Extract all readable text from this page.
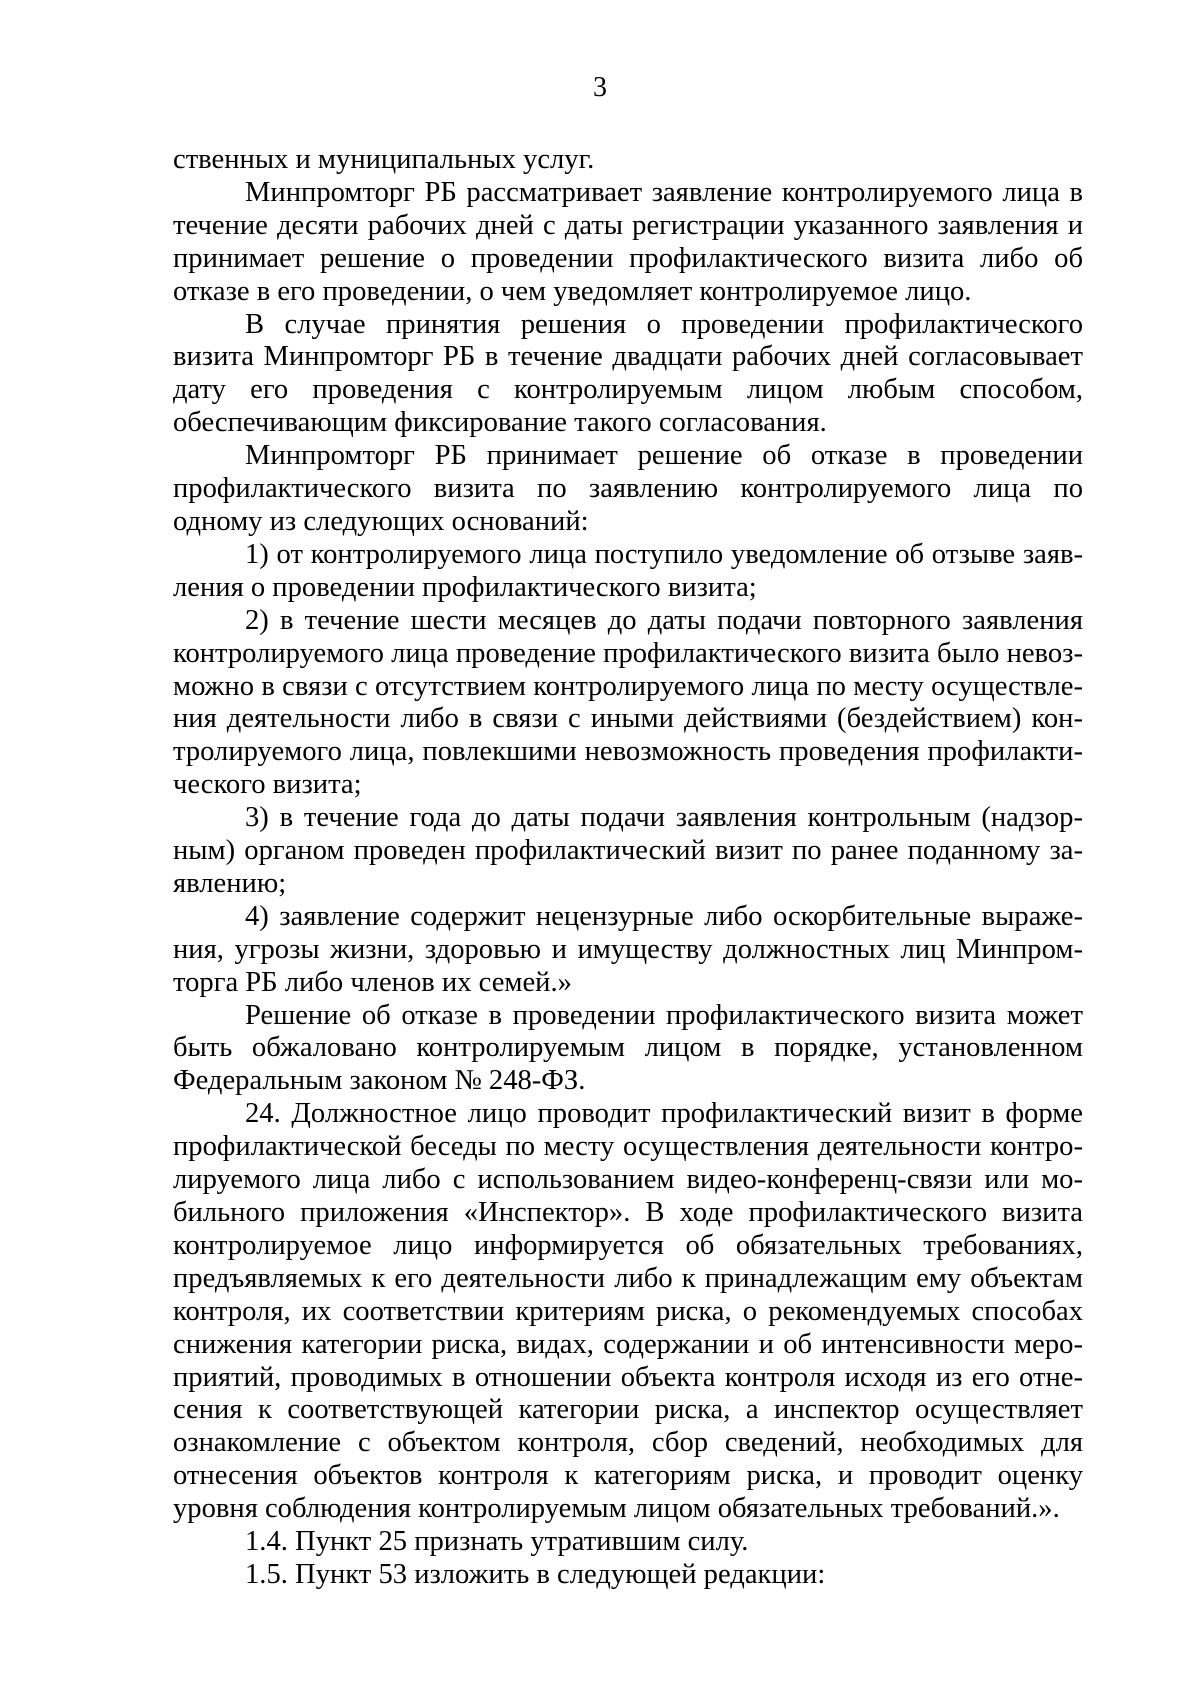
3

ственных и муниципальных услуг.

Минпромторг РБ рассматривает заявление контролируемого лица в течение десяти рабочих дней с даты регистрации указанного заявления и принимает решение о проведении профилактического визита либо об отказе в его проведении, о чем уведомляет контролируемое лицо.

В случае принятия решения о проведении профилактического визита Минпромторг РБ в течение двадцати рабочих дней согласовывает дату его проведения с контролируемым лицом любым способом, обеспечивающим фиксирование такого согласования.

Минпромторг РБ принимает решение об отказе в проведении профилактического визита по заявлению контролируемого лица по одному из следующих оснований:

1) от контролируемого лица поступило уведомление об отзыве заявления о проведении профилактического визита;

2) в течение шести месяцев до даты подачи повторного заявления контролируемого лица проведение профилактического визита было невозможно в связи с отсутствием контролируемого лица по месту осуществления деятельности либо в связи с иными действиями (бездействием) контролируемого лица, повлекшими невозможность проведения профилактического визита;

3) в течение года до даты подачи заявления контрольным (надзорным) органом проведен профилактический визит по ранее поданному заявлению;

4) заявление содержит нецензурные либо оскорбительные выражения, угрозы жизни, здоровью и имуществу должностных лиц Минпромторга РБ либо членов их семей.»

Решение об отказе в проведении профилактического визита может быть обжаловано контролируемым лицом в порядке, установленном Федеральным законом № 248-ФЗ.

24. Должностное лицо проводит профилактический визит в форме профилактической беседы по месту осуществления деятельности контролируемого лица либо с использованием видео-конференц-связи или мобильного приложения «Инспектор». В ходе профилактического визита контролируемое лицо информируется об обязательных требованиях, предъявляемых к его деятельности либо к принадлежащим ему объектам контроля, их соответствии критериям риска, о рекомендуемых способах снижения категории риска, видах, содержании и об интенсивности мероприятий, проводимых в отношении объекта контроля исходя из его отнесения к соответствующей категории риска, а инспектор осуществляет ознакомление с объектом контроля, сбор сведений, необходимых для отнесения объектов контроля к категориям риска, и проводит оценку уровня соблюдения контролируемым лицом обязательных требований.».

1.4. Пункт 25 признать утратившим силу.

1.5. Пункт 53 изложить в следующей редакции:
